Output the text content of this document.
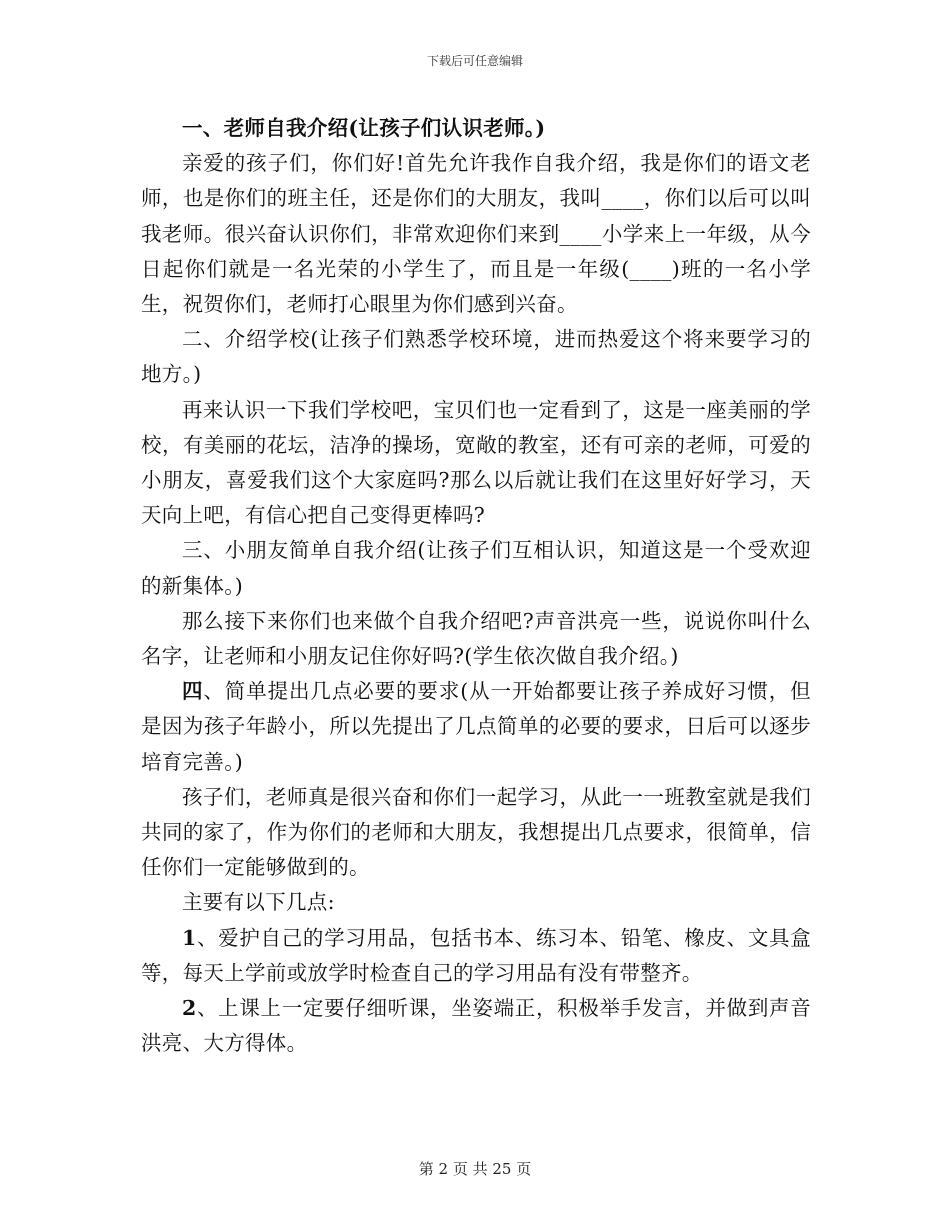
下载后可任意编辑

一、老师自我介绍(让孩子们认识老师。)

亲爱的孩子们，你们好!首先允许我作自我介绍，我是你们的语文老师，也是你们的班主任，还是你们的大朋友，我叫____，你们以后可以叫我老师。很兴奋认识你们，非常欢迎你们来到____小学来上一年级，从今日起你们就是一名光荣的小学生了，而且是一年级(____)班的一名小学生，祝贺你们，老师打心眼里为你们感到兴奋。

二、介绍学校(让孩子们熟悉学校环境，进而热爱这个将来要学习的地方。)

再来认识一下我们学校吧，宝贝们也一定看到了，这是一座美丽的学校，有美丽的花坛，洁净的操场，宽敞的教室，还有可亲的老师，可爱的小朋友，喜爱我们这个大家庭吗?那么以后就让我们在这里好好学习，天天向上吧，有信心把自己变得更棒吗?

三、小朋友简单自我介绍(让孩子们互相认识，知道这是一个受欢迎的新集体。)

那么接下来你们也来做个自我介绍吧?声音洪亮一些，说说你叫什么名字，让老师和小朋友记住你好吗?(学生依次做自我介绍。)

四、简单提出几点必要的要求(从一开始都要让孩子养成好习惯，但是因为孩子年龄小，所以先提出了几点简单的必要的要求，日后可以逐步培育完善。)

孩子们，老师真是很兴奋和你们一起学习，从此一一班教室就是我们共同的家了，作为你们的老师和大朋友，我想提出几点要求，很简单，信任你们一定能够做到的。

主要有以下几点:

1、爱护自己的学习用品，包括书本、练习本、铅笔、橡皮、文具盒等，每天上学前或放学时检查自己的学习用品有没有带整齐。

2、上课上一定要仔细听课，坐姿端正，积极举手发言，并做到声音洪亮、大方得体。

第 2 页 共 25 页
